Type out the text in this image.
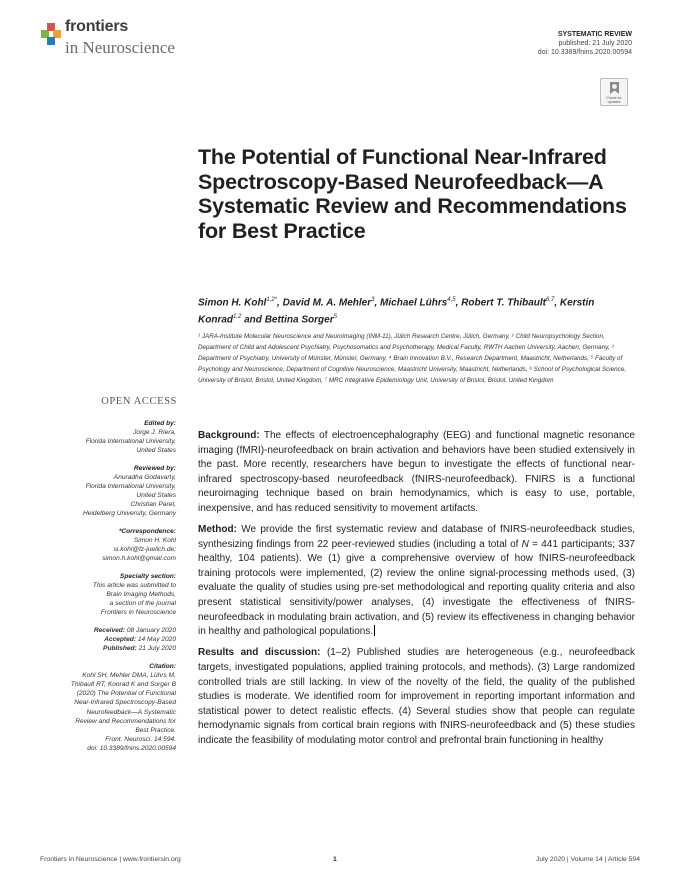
frontiers
in Neuroscience
SYSTEMATIC REVIEW
published: 21 July 2020
doi: 10.3389/fnins.2020.00594
Check for updates
The Potential of Functional Near-Infrared Spectroscopy-Based Neurofeedback—A Systematic Review and Recommendations for Best Practice
Simon H. Kohl$^{1,2*}$, David M. A. Mehler$^3$, Michael Lührs$^{4,5}$, Robert T. Thibault$^{6,7}$, Kerstin Konrad$^{1,2}$ and Bettina Sorger$^5$
¹ JARA-Institute Molecular Neuroscience and Neuroimaging (INM-11), Jülich Research Centre, Jülich, Germany, ² Child Neuropsychology Section, Department of Child and Adolescent Psychiatry, Psychosomatics and Psychotherapy, Medical Faculty, RWTH Aachen University, Aachen, Germany, ³ Department of Psychiatry, University of Münster, Münster, Germany, ⁴ Brain Innovation B.V., Research Department, Maastricht, Netherlands, ⁵ Faculty of Psychology and Neuroscience, Department of Cognitive Neuroscience, Maastricht University, Maastricht, Netherlands, ⁶ School of Psychological Science, University of Bristol, Bristol, United Kingdom, ⁷ MRC Integrative Epidemiology Unit, University of Bristol, Bristol, United Kingdom
OPEN ACCESS
Edited by:
Jorge J. Riera,
Florida International University,
United States
Reviewed by:
Anuradha Godavarty,
Florida International University,
United States
Christian Paret,
Heidelberg University, Germany
*Correspondence:
Simon H. Kohl
si.kohl@fz-juelich.de;
simon.h.kohl@gmail.com
Specialty section:
This article was submitted to
Brain Imaging Methods,
a section of the journal
Frontiers in Neuroscience
Received: 08 January 2020
Accepted: 14 May 2020
Published: 21 July 2020
Citation:
Kohl SH, Mehler DMA, Lührs M,
Thibault RT, Konrad K and Sorger B
(2020) The Potential of Functional
Near-Infrared Spectroscopy-Based
Neurofeedback—A Systematic
Review and Recommendations for
Best Practice.
Front. Neurosci. 14:594.
doi: 10.3389/fnins.2020.00594

Background: The effects of electroencephalography (EEG) and functional magnetic resonance imaging (fMRI)-neurofeedback on brain activation and behaviors have been studied extensively in the past. More recently, researchers have begun to investigate the effects of functional near-infrared spectroscopy-based neurofeedback (fNIRS-neurofeedback). FNIRS is a functional neuroimaging technique based on brain hemodynamics, which is easy to use, portable, inexpensive, and has reduced sensitivity to movement artifacts.

Method: We provide the first systematic review and database of fNIRS-neurofeedback studies, synthesizing findings from 22 peer-reviewed studies (including a total of N = 441 participants; 337 healthy, 104 patients). We (1) give a comprehensive overview of how fNIRS-neurofeedback training protocols were implemented, (2) review the online signal-processing methods used, (3) evaluate the quality of studies using pre-set methodological and reporting quality criteria and also present statistical sensitivity/power analyses, (4) investigate the effectiveness of fNIRS-neurofeedback in modulating brain activation, and (5) review its effectiveness in changing behavior in healthy and pathological populations.

Results and discussion: (1–2) Published studies are heterogeneous (e.g., neurofeedback targets, investigated populations, applied training protocols, and methods). (3) Large randomized controlled trials are still lacking. In view of the novelty of the field, the quality of the published studies is moderate. We identified room for improvement in reporting important information and statistical power to detect realistic effects. (4) Several studies show that people can regulate hemodynamic signals from cortical brain regions with fNIRS-neurofeedback and (5) these studies indicate the feasibility of modulating motor control and prefrontal brain functioning in healthy

Frontiers in Neuroscience | www.frontiersin.org	1	July 2020 | Volume 14 | Article 594
